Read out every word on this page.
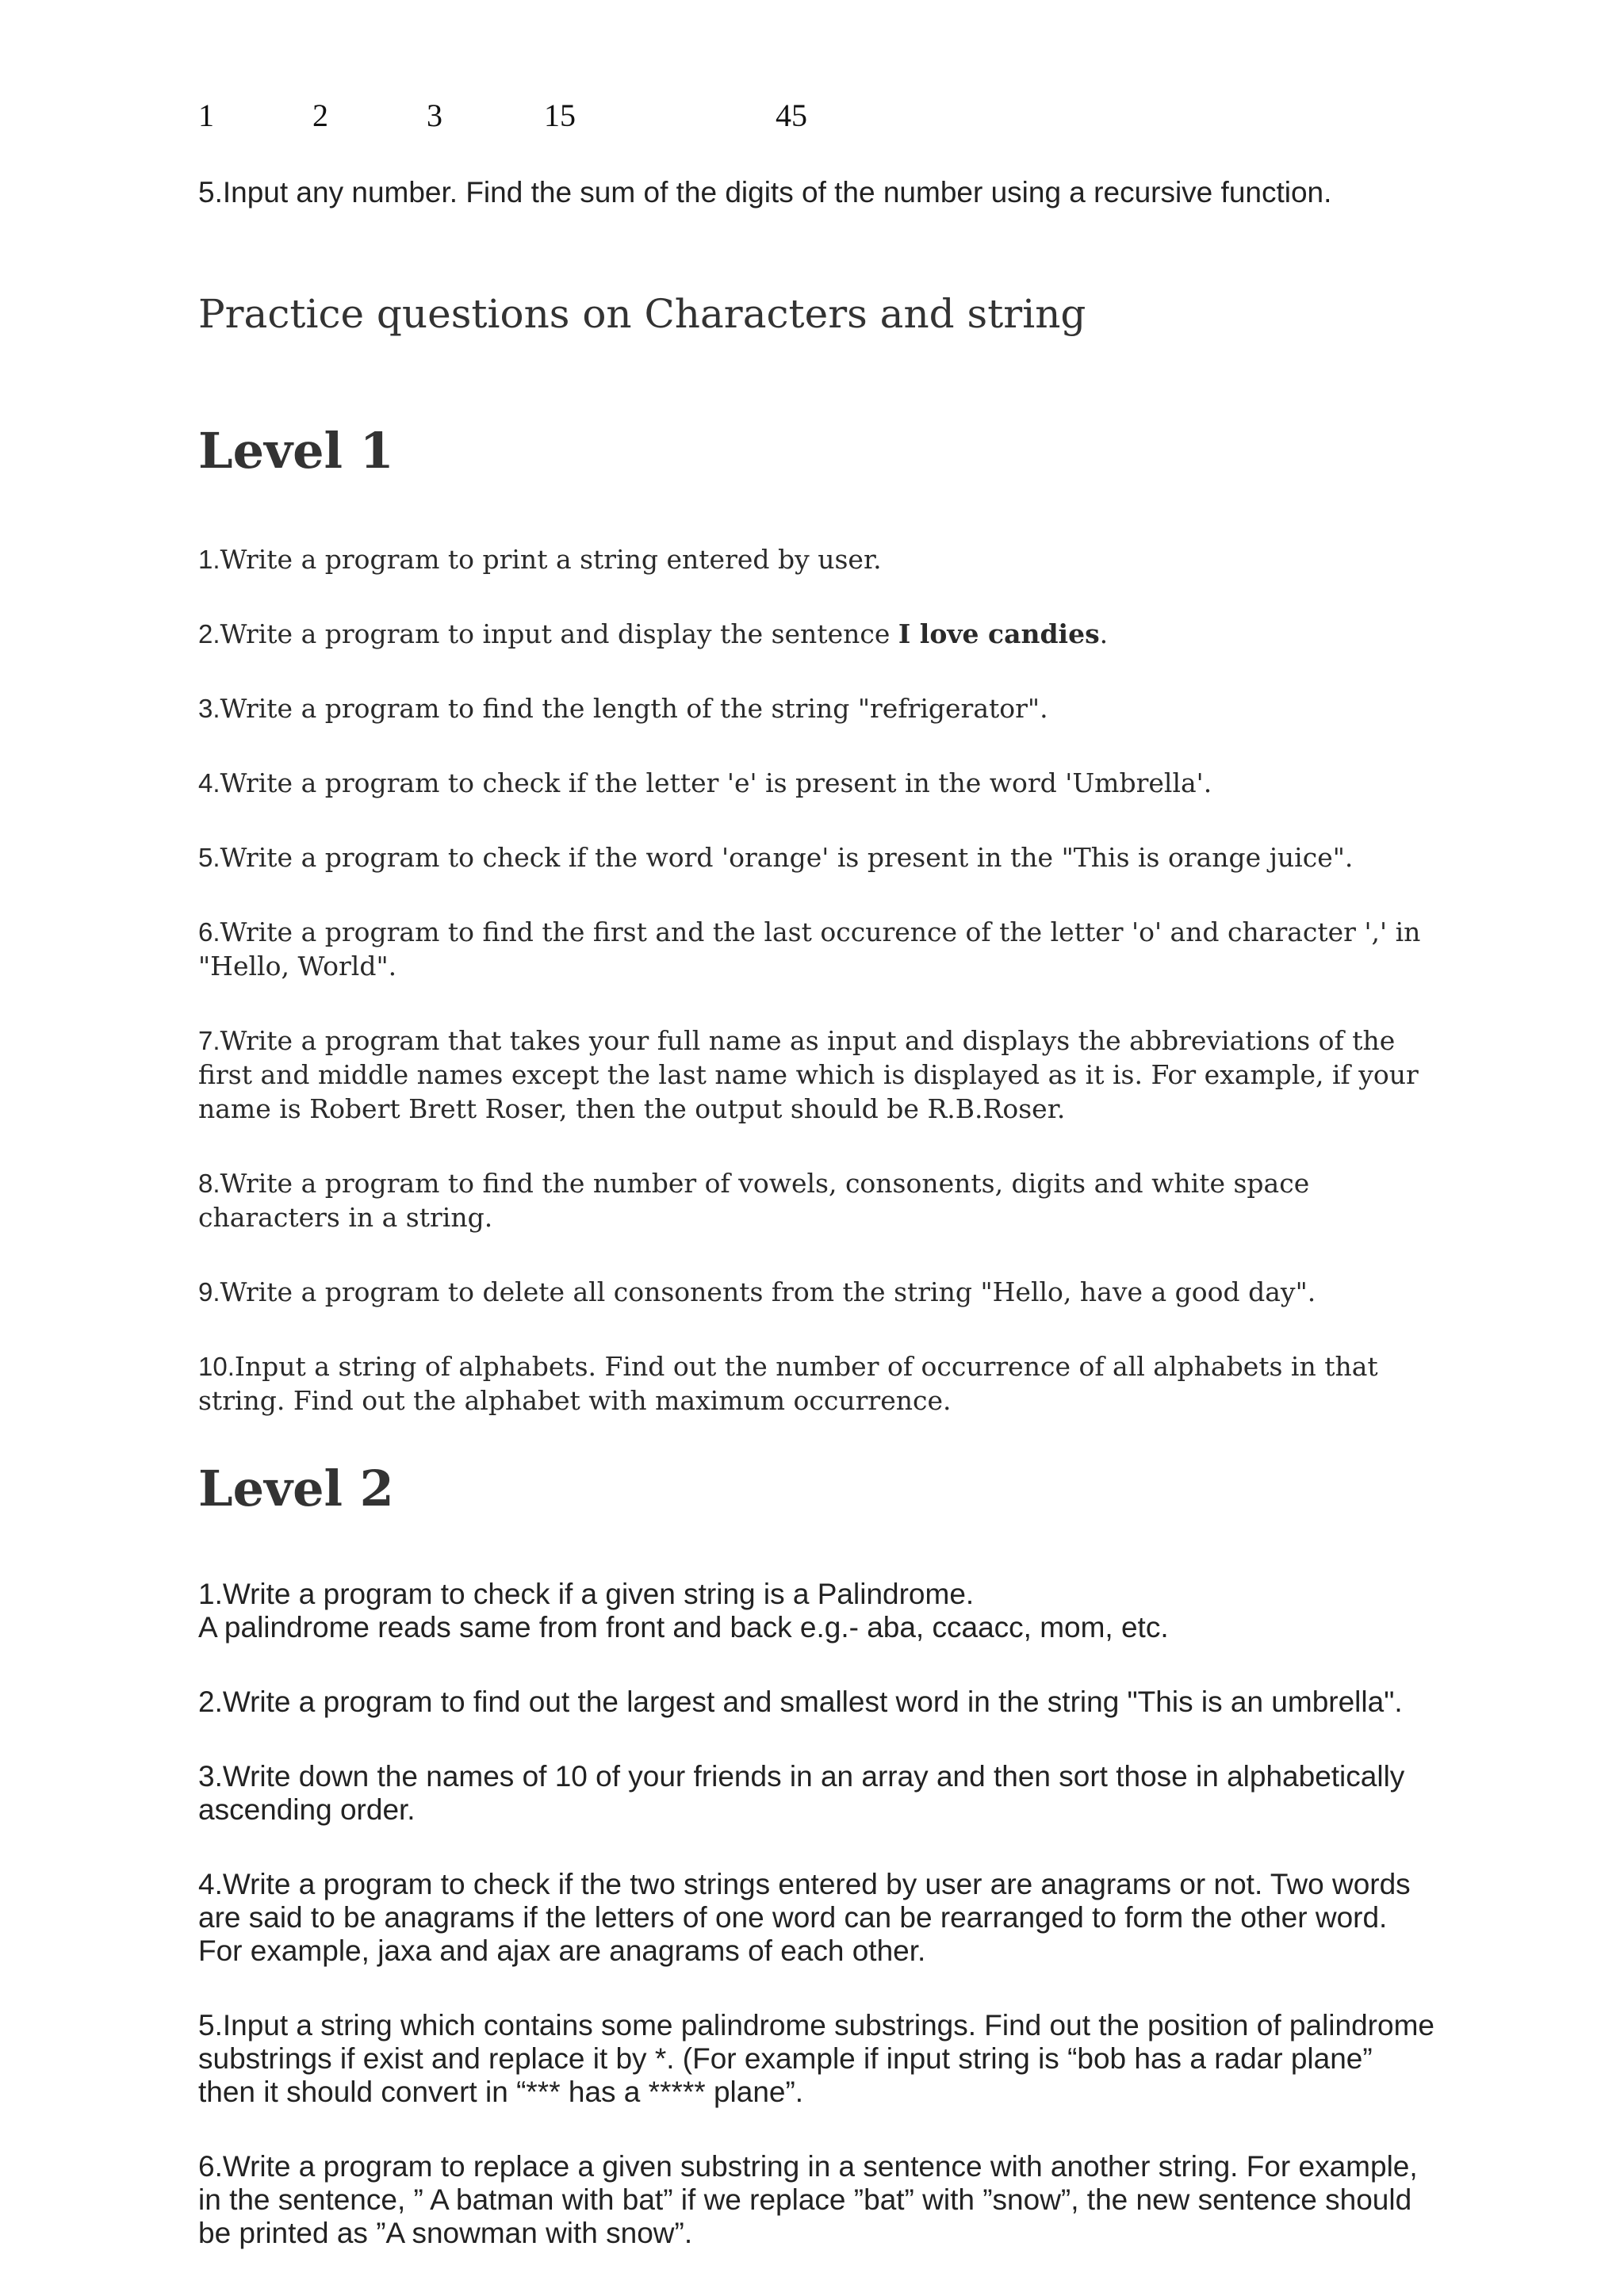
1	2	3	15	45

5.Input any number. Find the sum of the digits of the number using a recursive function.

Practice questions on Characters and string
Level 1

1.Write a program to print a string entered by user.

2.Write a program to input and display the sentence I love candies.

3.Write a program to find the length of the string "refrigerator".

4.Write a program to check if the letter 'e' is present in the word 'Umbrella'.

5.Write a program to check if the word 'orange' is present in the "This is orange juice".

6.Write a program to find the first and the last occurence of the letter 'o' and character ',' in "Hello, World".

7.Write a program that takes your full name as input and displays the abbreviations of the first and middle names except the last name which is displayed as it is. For example, if your name is Robert Brett Roser, then the output should be R.B.Roser.

8.Write a program to find the number of vowels, consonents, digits and white space characters in a string.

9.Write a program to delete all consonents from the string "Hello, have a good day".

10.Input a string of alphabets. Find out the number of occurrence of all alphabets in that string. Find out the alphabet with maximum occurrence.

Level 2
1.Write a program to check if a given string is a Palindrome.
A palindrome reads same from front and back e.g.- aba, ccaacc, mom, etc.

2.Write a program to find out the largest and smallest word in the string "This is an umbrella".

3.Write down the names of 10 of your friends in an array and then sort those in alphabetically ascending order.

4.Write a program to check if the two strings entered by user are anagrams or not. Two words are said to be anagrams if the letters of one word can be rearranged to form the other word. For example, jaxa and ajax are anagrams of each other.

5.Input a string which contains some palindrome substrings. Find out the position of palindrome substrings if exist and replace it by *. (For example if input string is “bob has a radar plane” then it should convert in “*** has a ***** plane”.

6.Write a program to replace a given substring in a sentence with another string. For example, in the sentence, ” A batman with bat” if we replace ”bat” with ”snow”, the new sentence should be printed as ”A snowman with snow”.
